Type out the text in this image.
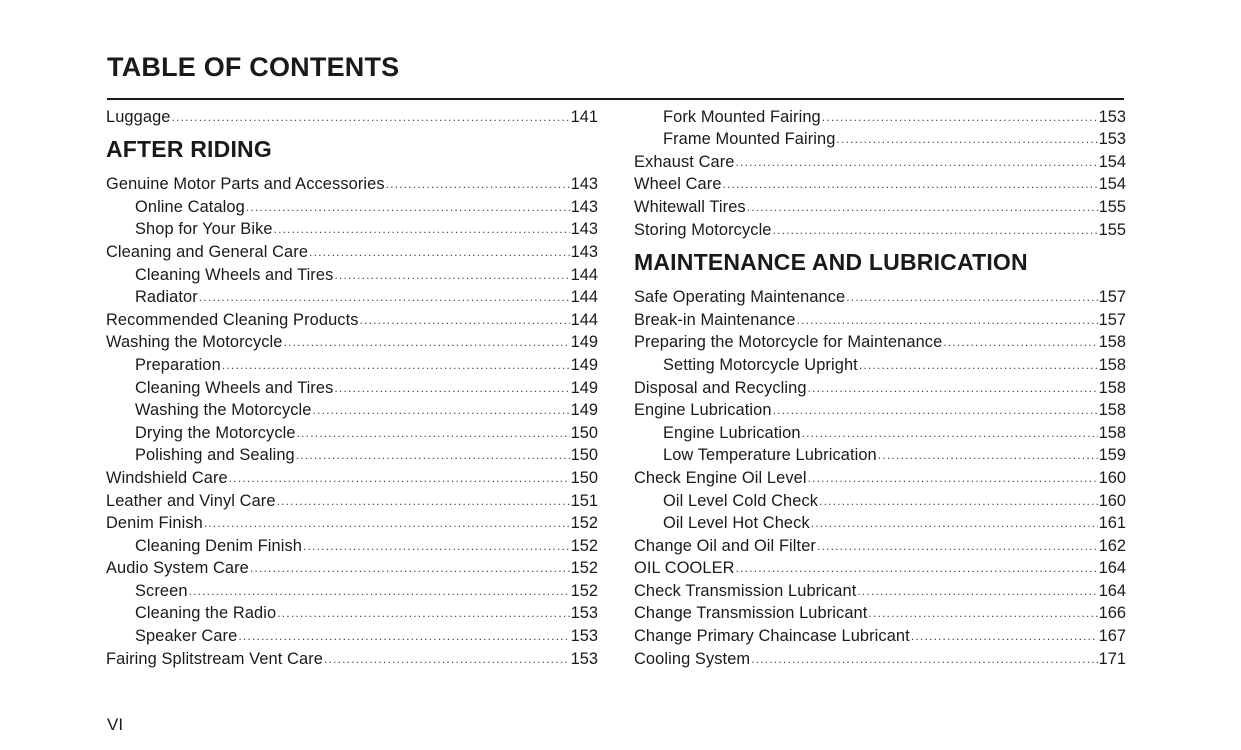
TABLE OF CONTENTS
Luggage .....	141
AFTER RIDING
Genuine Motor Parts and Accessories .....	143
Online Catalog .....	143
Shop for Your Bike .....	143
Cleaning and General Care .....	143
Cleaning Wheels and Tires .....	144
Radiator .....	144
Recommended Cleaning Products .....	144
Washing the Motorcycle .....	149
Preparation .....	149
Cleaning Wheels and Tires .....	149
Washing the Motorcycle .....	149
Drying the Motorcycle .....	150
Polishing and Sealing .....	150
Windshield Care .....	150
Leather and Vinyl Care .....	151
Denim Finish .....	152
Cleaning Denim Finish .....	152
Audio System Care .....	152
Screen .....	152
Cleaning the Radio .....	153
Speaker Care .....	153
Fairing Splitstream Vent Care .....	153
Fork Mounted Fairing .....	153
Frame Mounted Fairing .....	153
Exhaust Care .....	154
Wheel Care .....	154
Whitewall Tires .....	155
Storing Motorcycle .....	155
MAINTENANCE AND LUBRICATION
Safe Operating Maintenance .....	157
Break-in Maintenance .....	157
Preparing the Motorcycle for Maintenance .....	158
Setting Motorcycle Upright .....	158
Disposal and Recycling .....	158
Engine Lubrication .....	158
Engine Lubrication .....	158
Low Temperature Lubrication .....	159
Check Engine Oil Level .....	160
Oil Level Cold Check .....	160
Oil Level Hot Check .....	161
Change Oil and Oil Filter .....	162
OIL COOLER .....	164
Check Transmission Lubricant .....	164
Change Transmission Lubricant .....	166
Change Primary Chaincase Lubricant .....	167
Cooling System .....	171

VI
